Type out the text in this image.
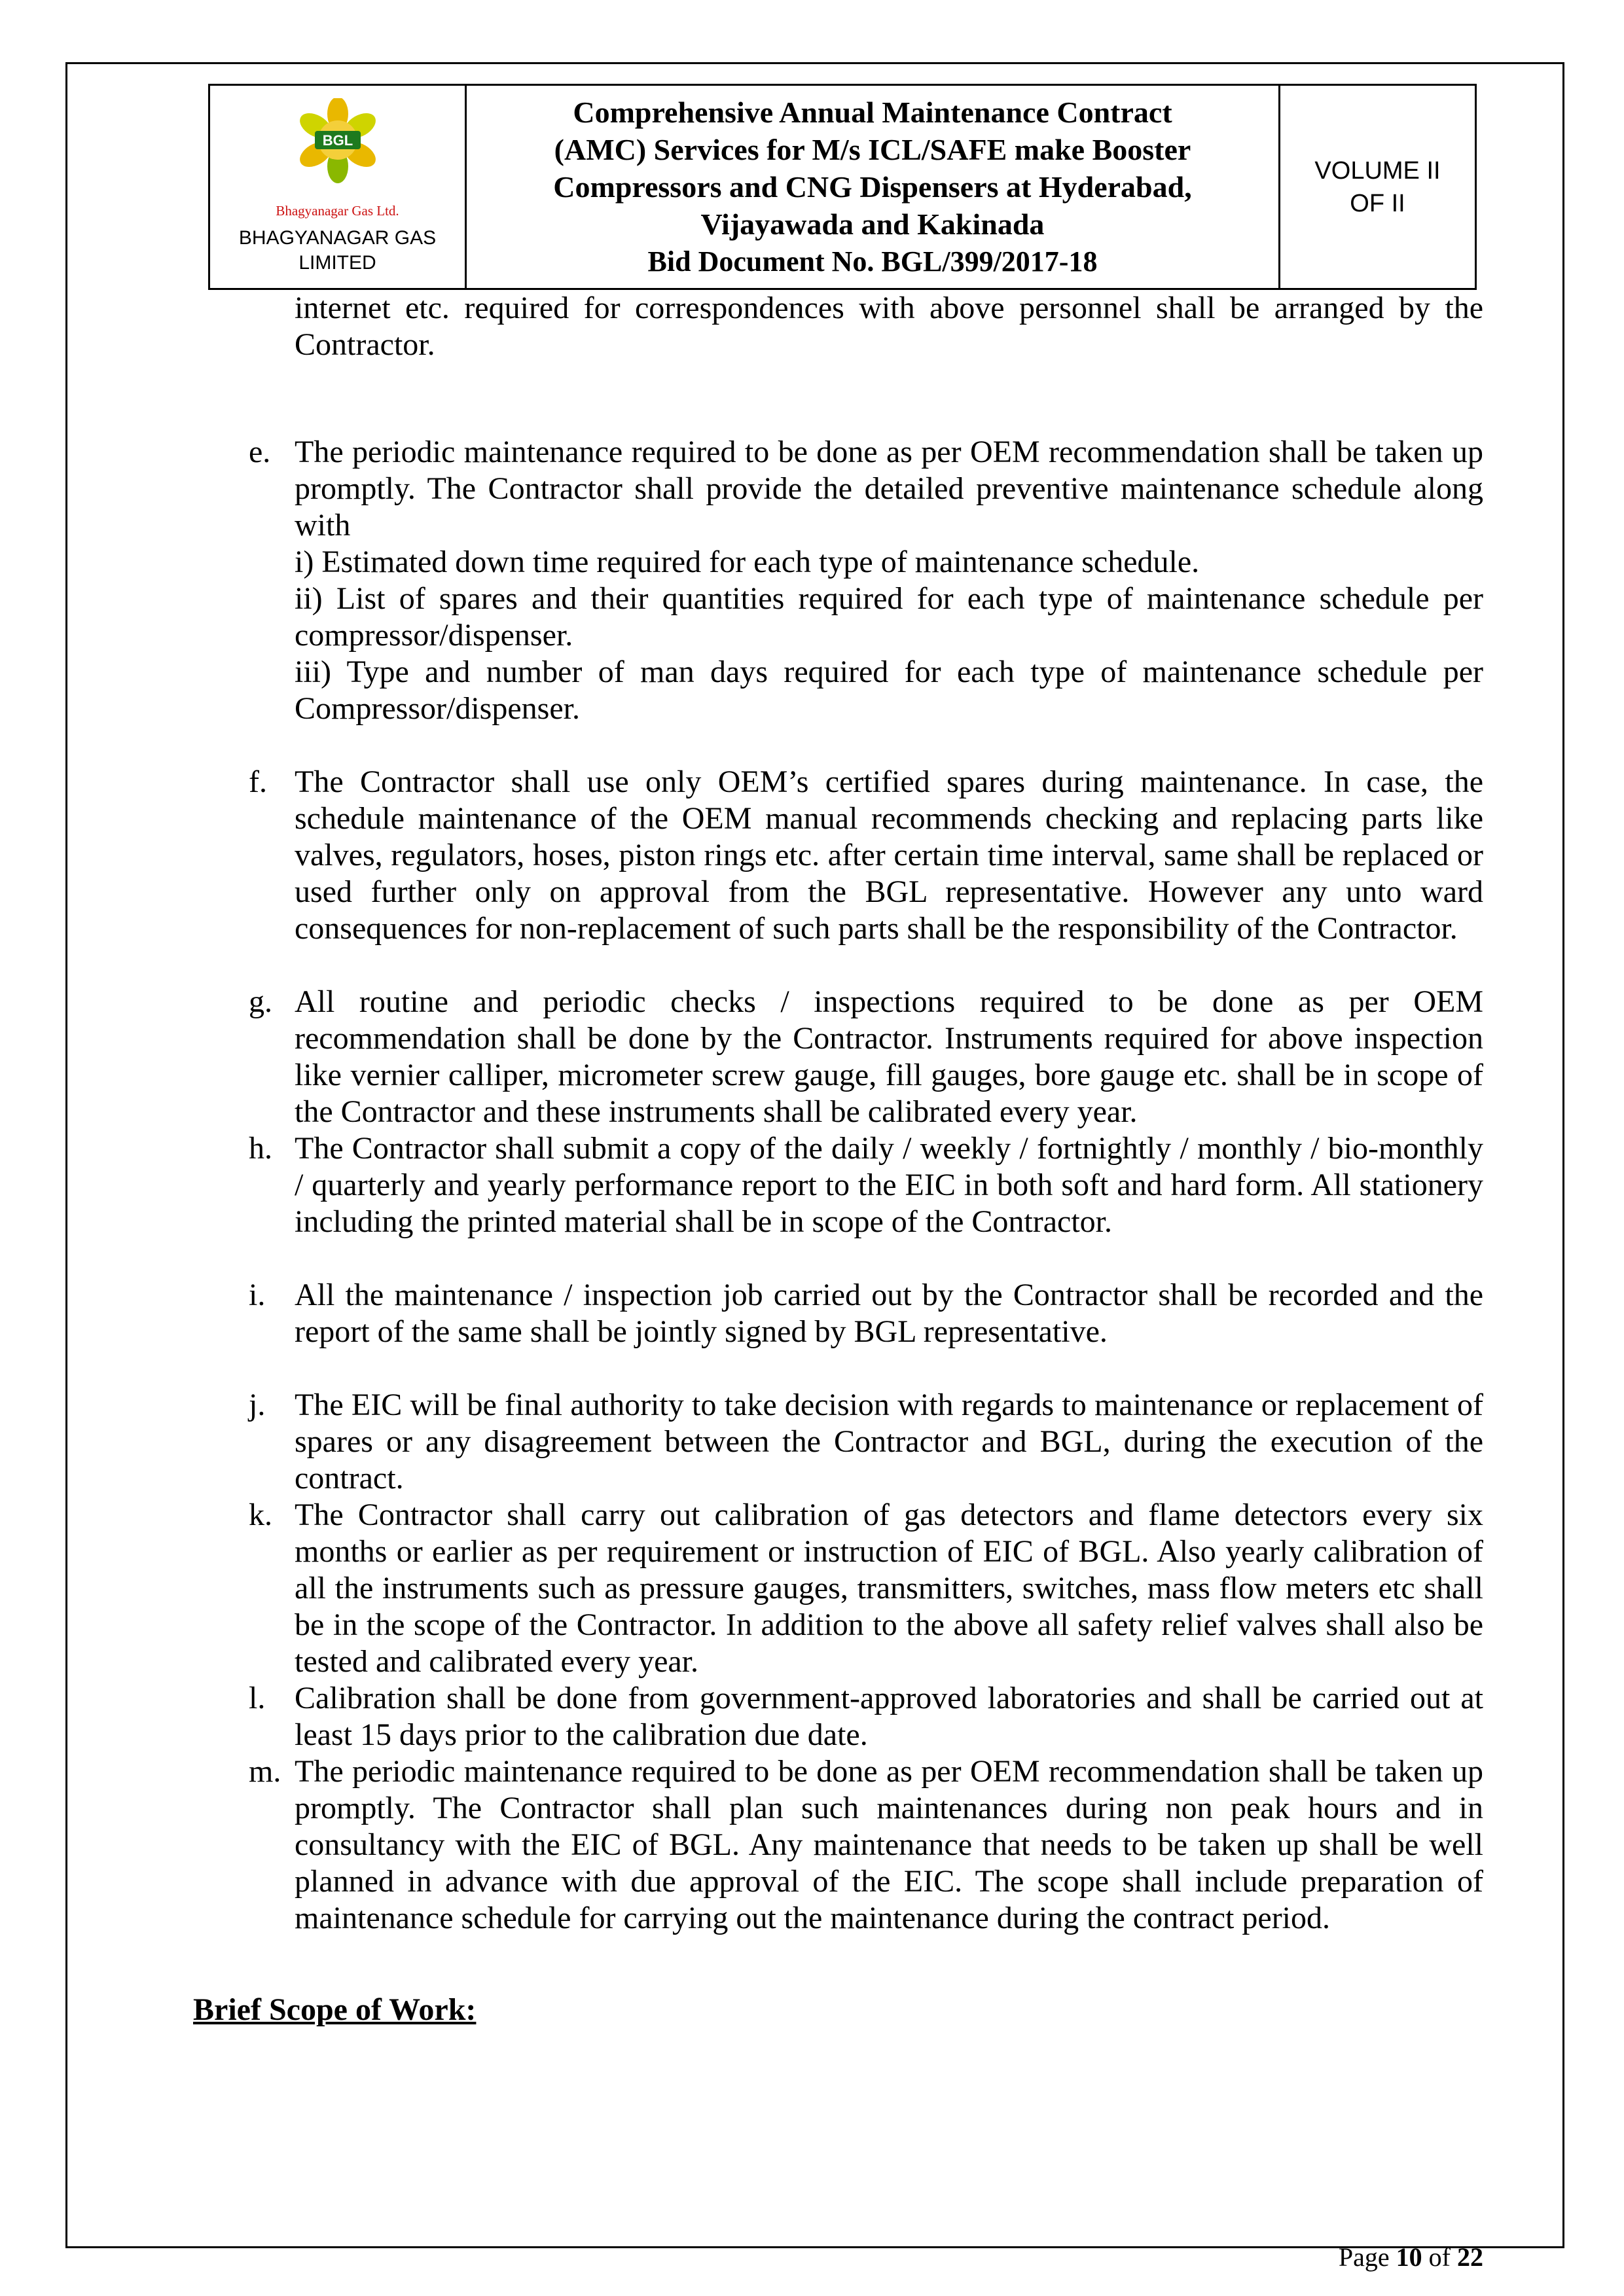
BGL
Bhagyanagar Gas Ltd.
BHAGYANAGAR GAS
LIMITED
Comprehensive Annual Maintenance Contract
(AMC) Services for M/s ICL/SAFE make Booster
Compressors and CNG Dispensers at Hyderabad,
Vijayawada and Kakinada
Bid Document No. BGL/399/2017-18
VOLUME II
OF II
internet etc. required for correspondences with above personnel shall be arranged by the Contractor.
e. The periodic maintenance required to be done as per OEM recommendation shall be taken up promptly. The Contractor shall provide the detailed preventive maintenance schedule along with
i) Estimated down time required for each type of maintenance schedule.
ii) List of spares and their quantities required for each type of maintenance schedule per compressor/dispenser.
iii) Type and number of man days required for each type of maintenance schedule per Compressor/dispenser.
f. The Contractor shall use only OEM’s certified spares during maintenance. In case, the schedule maintenance of the OEM manual recommends checking and replacing parts like valves, regulators, hoses, piston rings etc. after certain time interval, same shall be replaced or used further only on approval from the BGL representative. However any unto ward consequences for non-replacement of such parts shall be the responsibility of the Contractor.
g. All routine and periodic checks / inspections required to be done as per OEM recommendation shall be done by the Contractor. Instruments required for above inspection like vernier calliper, micrometer screw gauge, fill gauges, bore gauge etc. shall be in scope of the Contractor and these instruments shall be calibrated every year.
h. The Contractor shall submit a copy of the daily / weekly / fortnightly / monthly / bio-monthly / quarterly and yearly performance report to the EIC in both soft and hard form. All stationery including the printed material shall be in scope of the Contractor.
i. All the maintenance / inspection job carried out by the Contractor shall be recorded and the report of the same shall be jointly signed by BGL representative.
j. The EIC will be final authority to take decision with regards to maintenance or replacement of spares or any disagreement between the Contractor and BGL, during the execution of the contract.
k. The Contractor shall carry out calibration of gas detectors and flame detectors every six months or earlier as per requirement or instruction of EIC of BGL. Also yearly calibration of all the instruments such as pressure gauges, transmitters, switches, mass flow meters etc shall be in the scope of the Contractor. In addition to the above all safety relief valves shall also be tested and calibrated every year.
l. Calibration shall be done from government-approved laboratories and shall be carried out at least 15 days prior to the calibration due date.
m. The periodic maintenance required to be done as per OEM recommendation shall be taken up promptly. The Contractor shall plan such maintenances during non peak hours and in consultancy with the EIC of BGL. Any maintenance that needs to be taken up shall be well planned in advance with due approval of the EIC. The scope shall include preparation of maintenance schedule for carrying out the maintenance during the contract period.
Brief Scope of Work:
Page 10 of 22
